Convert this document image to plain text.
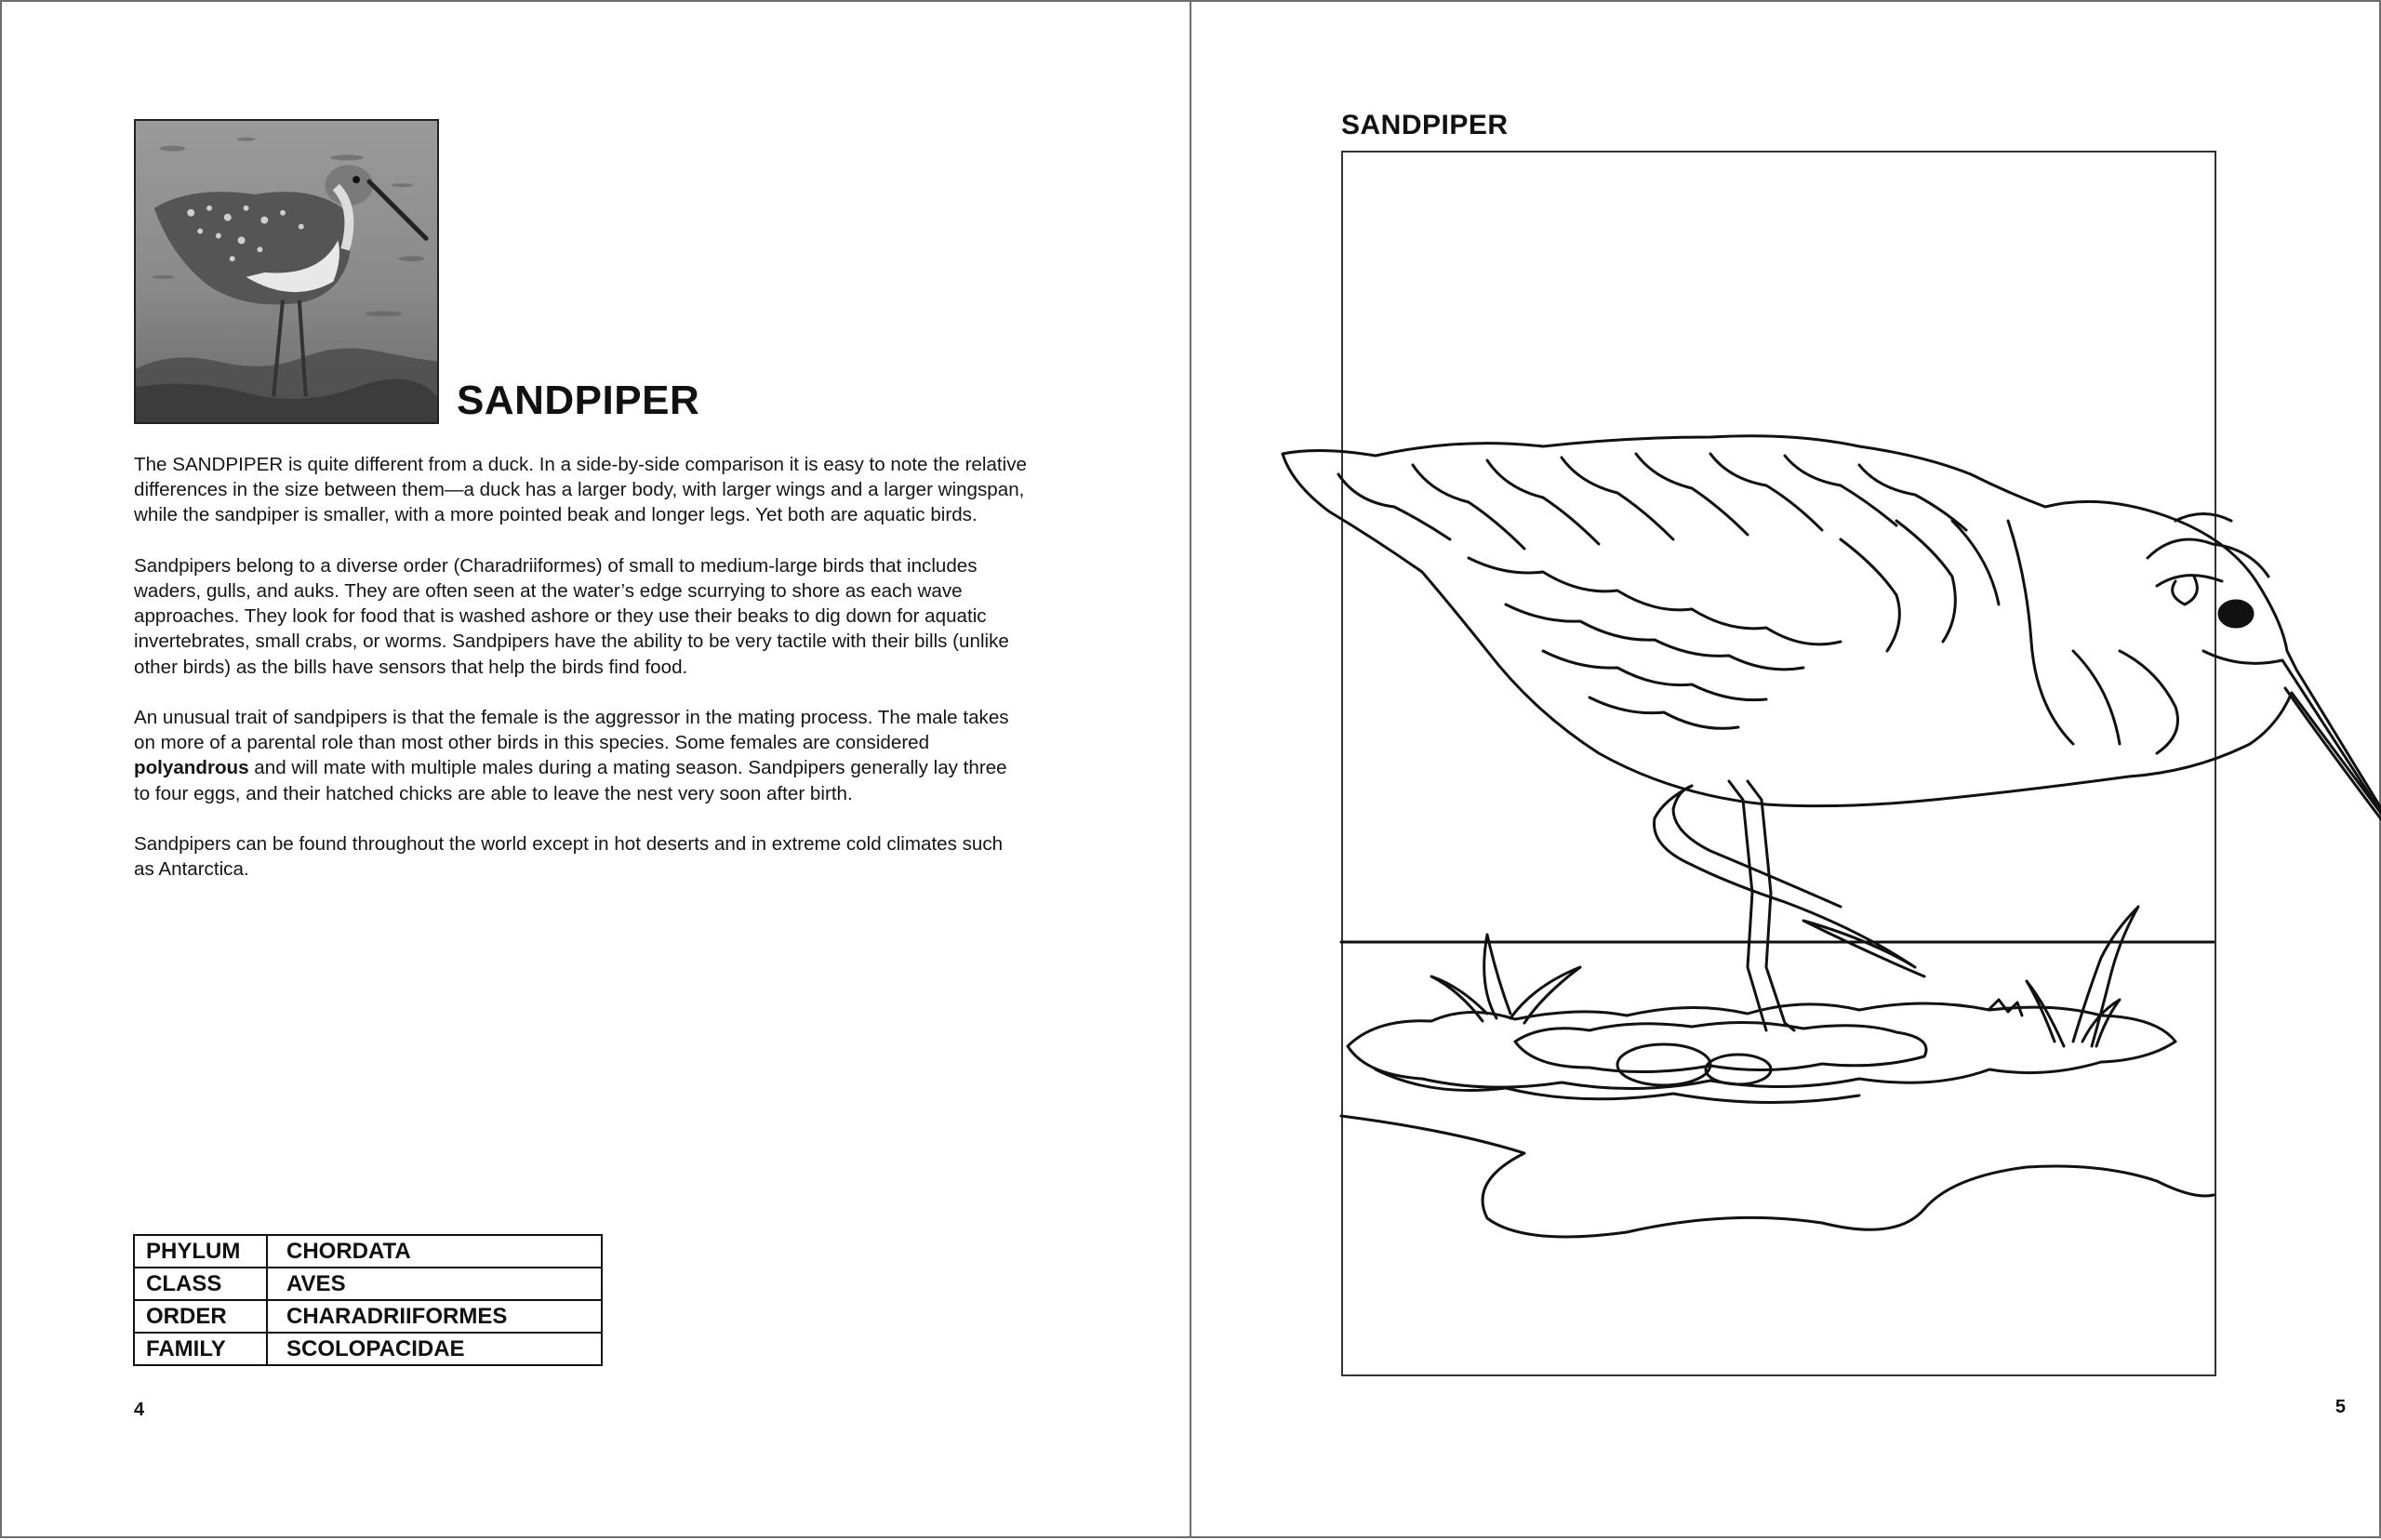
SANDPIPER

The SANDPIPER is quite different from a duck. In a side-by-side comparison it is easy to note the relative differences in the size between them—a duck has a larger body, with larger wings and a larger wingspan, while the sandpiper is smaller, with a more pointed beak and longer legs. Yet both are aquatic birds.

Sandpipers belong to a diverse order (Charadriiformes) of small to medium-large birds that includes waders, gulls, and auks. They are often seen at the water’s edge scurrying to shore as each wave approaches. They look for food that is washed ashore or they use their beaks to dig down for aquatic invertebrates, small crabs, or worms. Sandpipers have the ability to be very tactile with their bills (unlike other birds) as the bills have sensors that help the birds find food.

An unusual trait of sandpipers is that the female is the aggressor in the mating process. The male takes on more of a parental role than most other birds in this species. Some females are considered polyandrous and will mate with multiple males during a mating season. Sandpipers generally lay three to four eggs, and their hatched chicks are able to leave the nest very soon after birth.

Sandpipers can be found throughout the world except in hot deserts and in extreme cold climates such as Antarctica.

PHYLUM	CHORDATA
CLASS	AVES
ORDER	CHARADRIIFORMES
FAMILY	SCOLOPACIDAE
4
SANDPIPER
5
